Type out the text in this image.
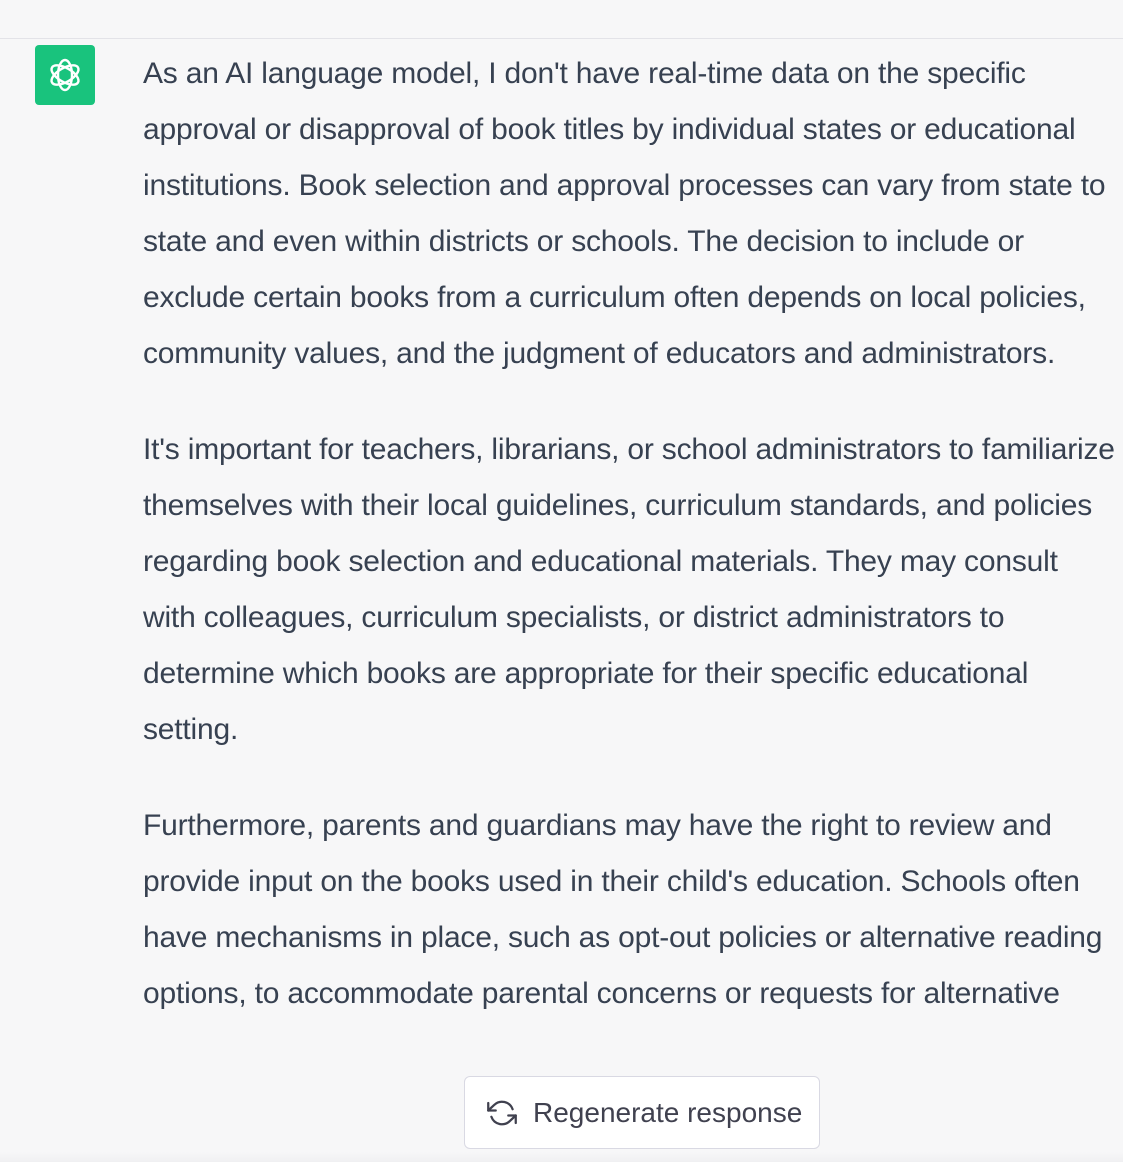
As an AI language model, I don't have real-time data on the specific approval or disapproval of book titles by individual states or educational institutions. Book selection and approval processes can vary from state to state and even within districts or schools. The decision to include or exclude certain books from a curriculum often depends on local policies, community values, and the judgment of educators and administrators.

It's important for teachers, librarians, or school administrators to familiarize themselves with their local guidelines, curriculum standards, and policies regarding book selection and educational materials. They may consult with colleagues, curriculum specialists, or district administrators to determine which books are appropriate for their specific educational setting.

Furthermore, parents and guardians may have the right to review and provide input on the books used in their child's education. Schools often have mechanisms in place, such as opt-out policies or alternative reading options, to accommodate parental concerns or requests for alternative

Regenerate response
